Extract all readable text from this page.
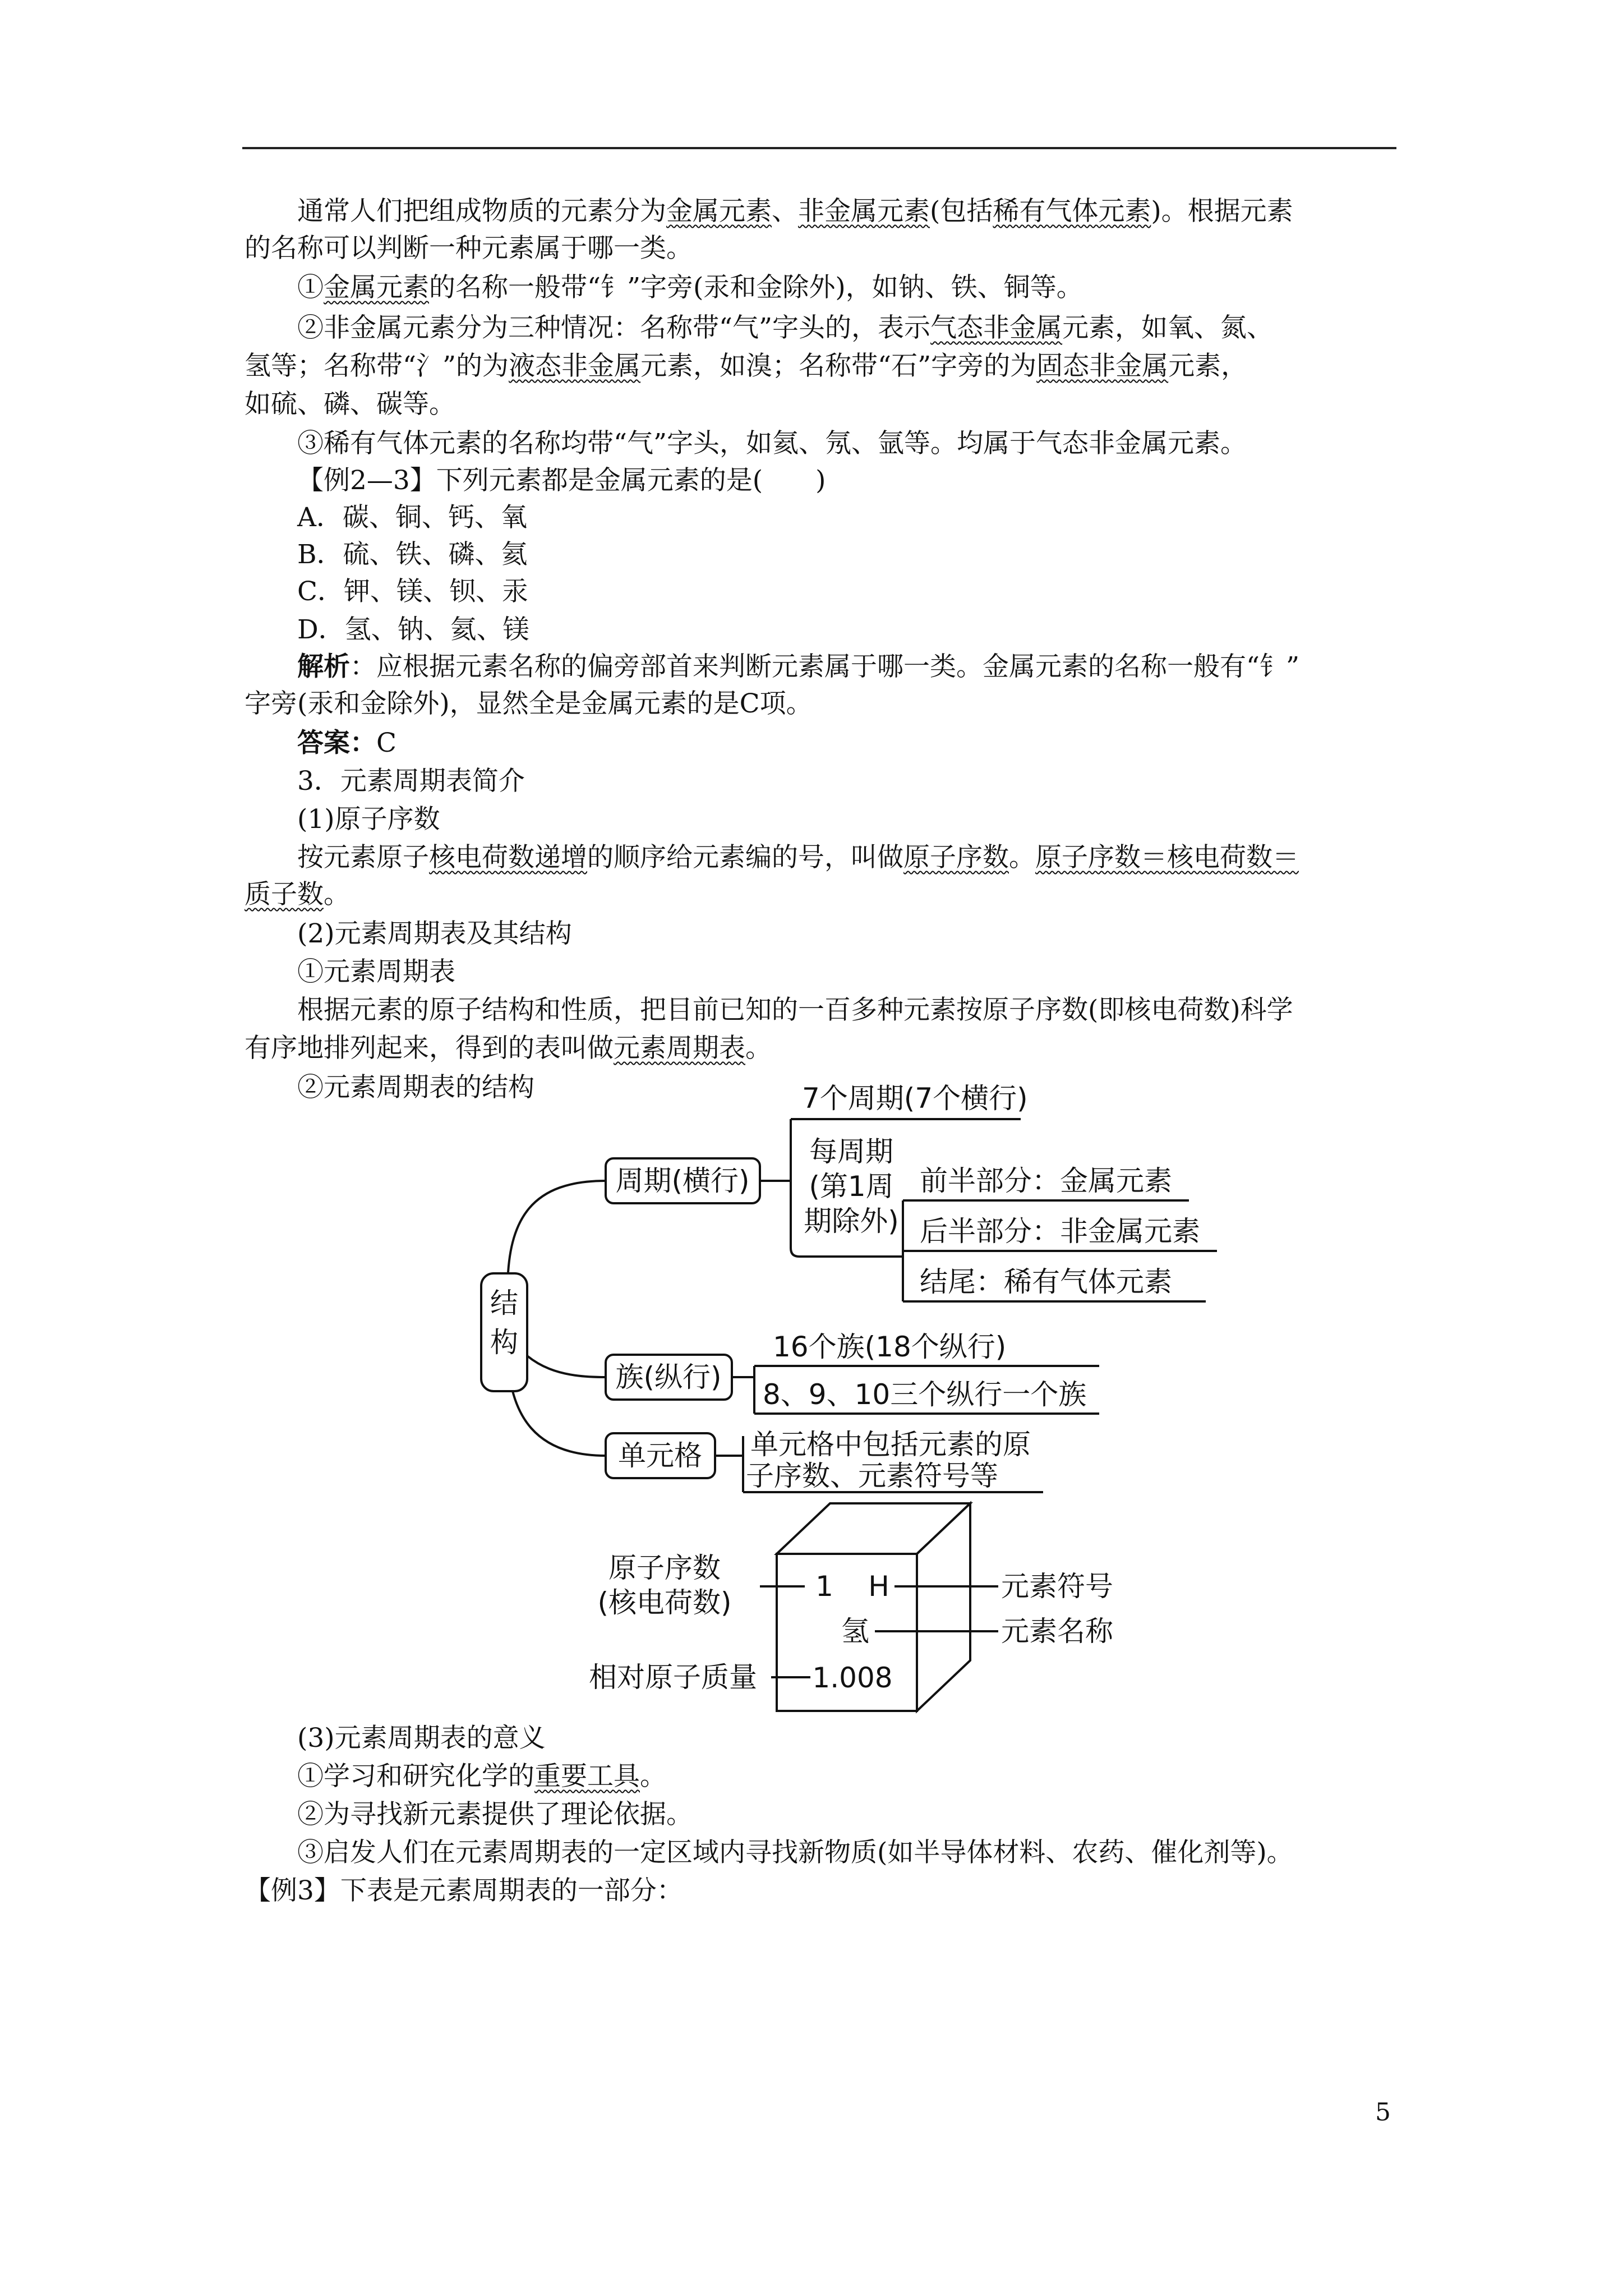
通常人们把组成物质的元素分为金属元素、非金属元素(包括稀有气体元素)。根据元素
的名称可以判断一种元素属于哪一类。
①金属元素的名称一般带“钅”字旁(汞和金除外)，如钠、铁、铜等。
②非金属元素分为三种情况：名称带“气”字头的，表示气态非金属元素，如氧、氮、
氢等；名称带“氵”的为液态非金属元素，如溴；名称带“石”字旁的为固态非金属元素，
如硫、磷、碳等。
③稀有气体元素的名称均带“气”字头，如氦、氖、氩等。均属于气态非金属元素。
【例2—3】下列元素都是金属元素的是(　　)
A．碳、铜、钙、氧
B．硫、铁、磷、氦
C．钾、镁、钡、汞
D．氢、钠、氦、镁
解析：应根据元素名称的偏旁部首来判断元素属于哪一类。金属元素的名称一般有“钅”
字旁(汞和金除外)，显然全是金属元素的是C项。
答案：C
3．元素周期表简介
(1)原子序数
按元素原子核电荷数递增的顺序给元素编的号，叫做原子序数。原子序数＝核电荷数＝
质子数。
(2)元素周期表及其结构
①元素周期表
根据元素的原子结构和性质，把目前已知的一百多种元素按原子序数(即核电荷数)科学
有序地排列起来，得到的表叫做元素周期表。
②元素周期表的结构
结
构
周期(横行)
7个周期(7个横行)
每周期
(第1周
期除外)
前半部分：金属元素
后半部分：非金属元素
结尾：稀有气体元素
族(纵行)
16个族(18个纵行)
8、9、10三个纵行一个族
单元格 单元格中包括元素的原
子序数、元素符号等
1 H
氢
1.008
原子序数
(核电荷数)	元素符号
元素名称
相对原子质量
(3)元素周期表的意义
①学习和研究化学的重要工具。
②为寻找新元素提供了理论依据。
③启发人们在元素周期表的一定区域内寻找新物质(如半导体材料、农药、催化剂等)。
【例3】下表是元素周期表的一部分：
5
